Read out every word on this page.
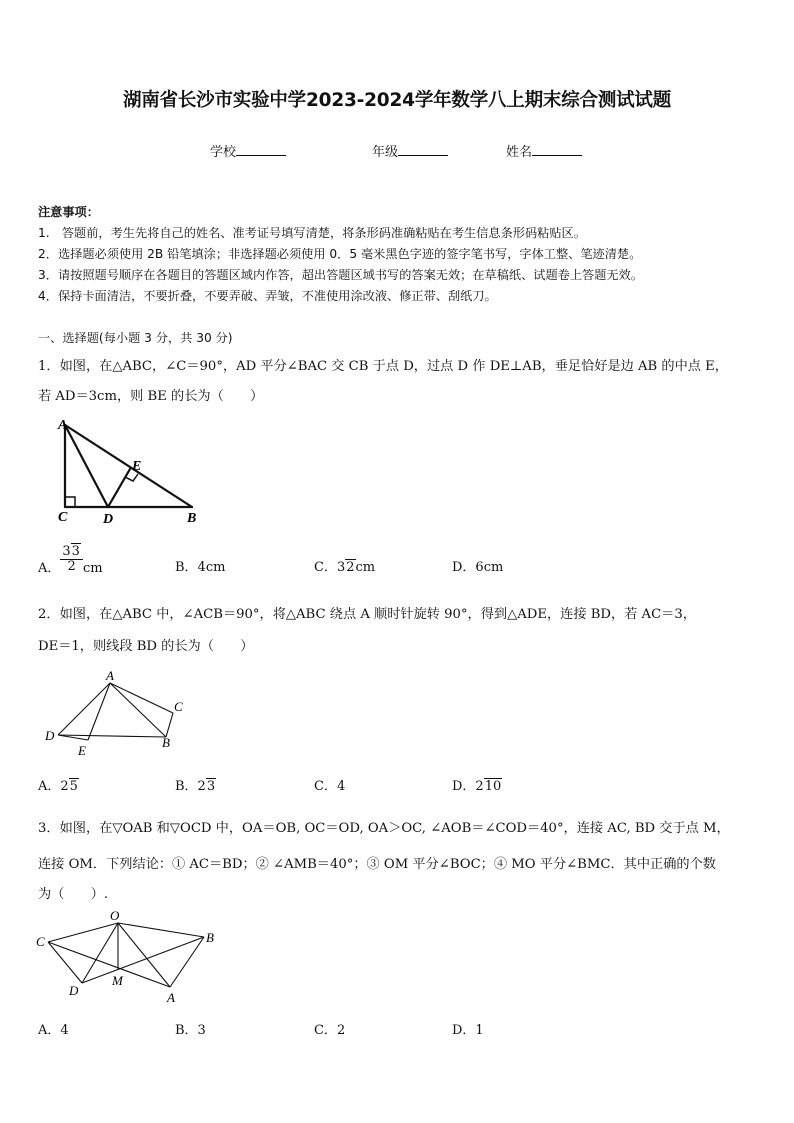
湖南省长沙市实验中学2023-2024学年数学八上期末综合测试试题
学校	年级	姓名
注意事项：
1.　答题前，考生先将自己的姓名、准考证号填写清楚，将条形码准确粘贴在考生信息条形码粘贴区。
2．选择题必须使用 2B 铅笔填涂；非选择题必须使用 0．5 毫米黑色字迹的签字笔书写，字体工整、笔迹清楚。
3．请按照题号顺序在各题目的答题区域内作答，超出答题区域书写的答案无效；在草稿纸、试题卷上答题无效。
4．保持卡面清洁，不要折叠，不要弄破、弄皱，不准使用涂改液、修正带、刮纸刀。
一、选择题(每小题 3 分，共 30 分)
1．如图，在△ABC，∠C＝90°，AD 平分∠BAC 交 CB 于点 D，过点 D 作 DE⊥AB，垂足恰好是边 AB 的中点 E，
若 AD＝3cm，则 BE 的长为（　　）
A
C	D
E
B
A． $\frac{33}{2}$ cm	B．4cm	C．32cm	D．6cm
2．如图，在△ABC 中，∠ACB＝90°，将△ABC 绕点 A 顺时针旋转 90°，得到△ADE，连接 BD，若 AC＝3，
DE＝1，则线段 BD 的长为（　　）
A
C
D
E
B
A．25	B．23	C．4	D．210
3．如图，在▽OAB 和▽OCD 中，OA＝OB, OC＝OD, OA＞OC, ∠AOB＝∠COD＝40°，连接 AC, BD 交于点 M，
连接 OM．下列结论：① AC＝BD；② ∠AMB＝40°；③ OM 平分∠BOC；④ MO 平分∠BMC．其中正确的个数
为（　　）.
O
C	B
D
M
A
A．4	B．3	C．2	D．1
